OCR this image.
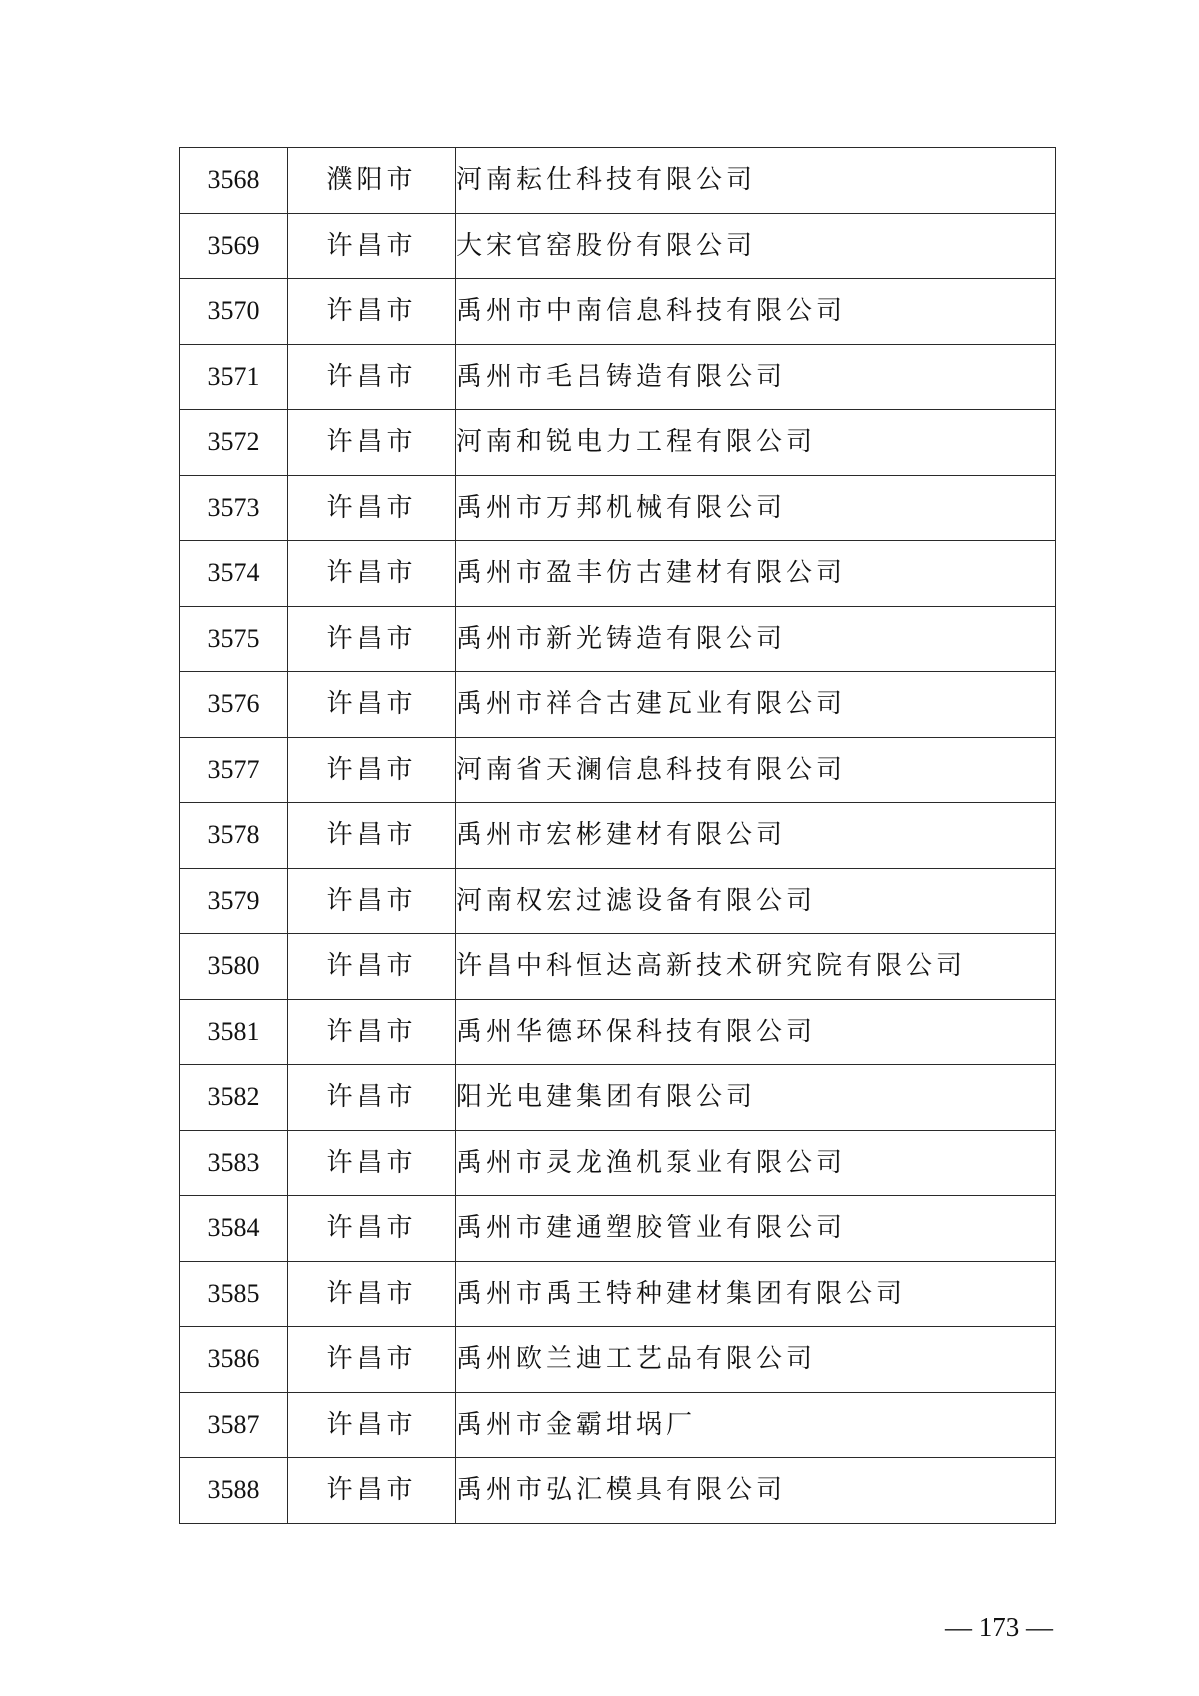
3568	濮阳市	河南耘仕科技有限公司
3569	许昌市	大宋官窑股份有限公司
3570	许昌市	禹州市中南信息科技有限公司
3571	许昌市	禹州市毛吕铸造有限公司
3572	许昌市	河南和锐电力工程有限公司
3573	许昌市	禹州市万邦机械有限公司
3574	许昌市	禹州市盈丰仿古建材有限公司
3575	许昌市	禹州市新光铸造有限公司
3576	许昌市	禹州市祥合古建瓦业有限公司
3577	许昌市	河南省天澜信息科技有限公司
3578	许昌市	禹州市宏彬建材有限公司
3579	许昌市	河南权宏过滤设备有限公司
3580	许昌市	许昌中科恒达高新技术研究院有限公司
3581	许昌市	禹州华德环保科技有限公司
3582	许昌市	阳光电建集团有限公司
3583	许昌市	禹州市灵龙渔机泵业有限公司
3584	许昌市	禹州市建通塑胶管业有限公司
3585	许昌市	禹州市禹王特种建材集团有限公司
3586	许昌市	禹州欧兰迪工艺品有限公司
3587	许昌市	禹州市金霸坩埚厂
3588	许昌市	禹州市弘汇模具有限公司
— 173 —
